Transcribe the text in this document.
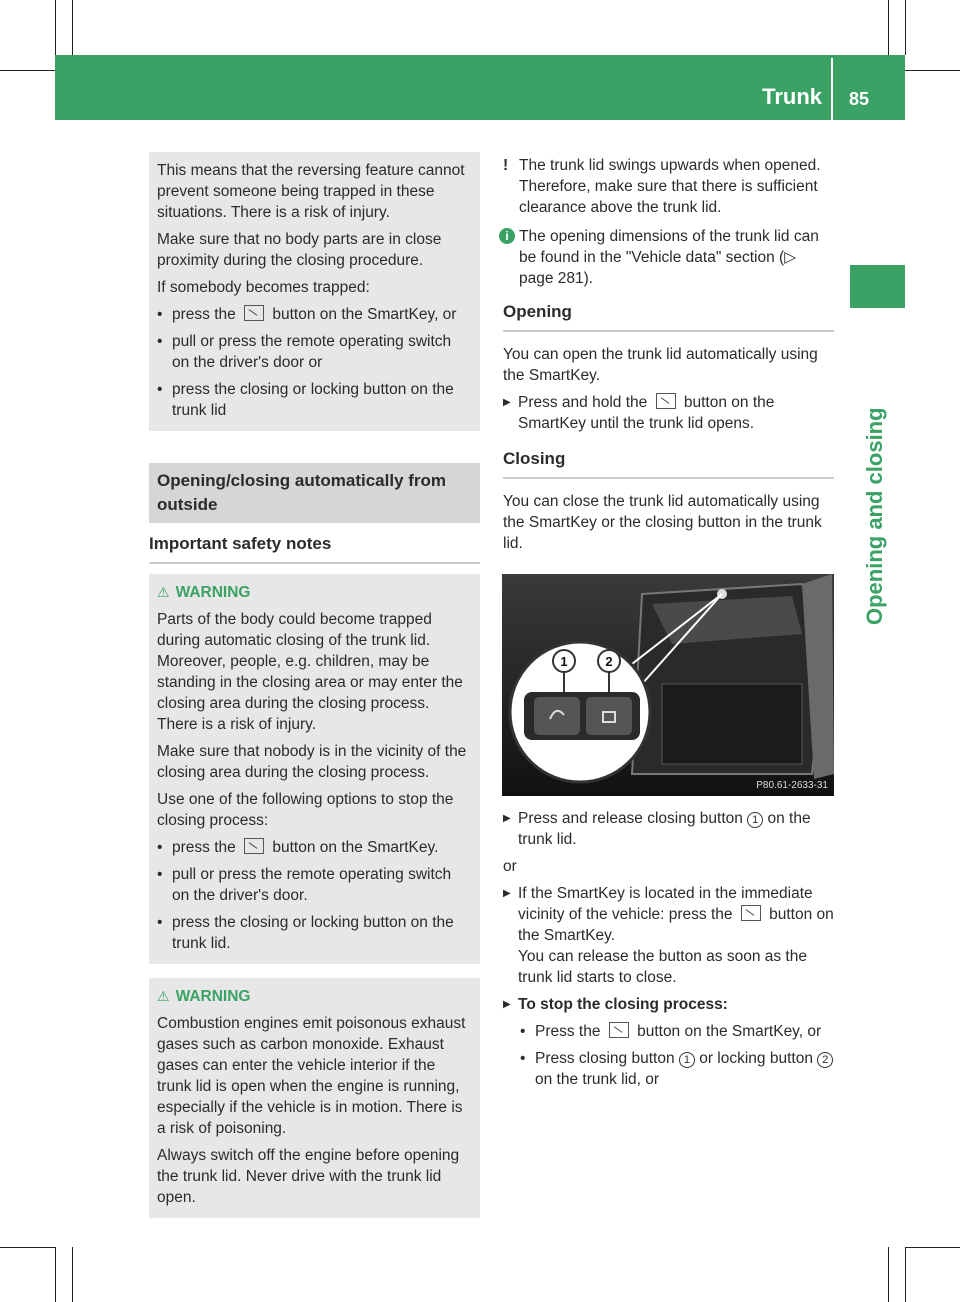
Trunk 85
Opening and closing

This means that the reversing feature cannot prevent someone being trapped in these situations. There is a risk of injury.

Make sure that no body parts are in close proximity during the closing procedure.

If somebody becomes trapped:

• press the  button on the SmartKey, or
• pull or press the remote operating switch on the driver's door or
• press the closing or locking button on the trunk lid
Opening/closing automatically from outside
Important safety notes
⚠ WARNING

Parts of the body could become trapped during automatic closing of the trunk lid. Moreover, people, e.g. children, may be standing in the closing area or may enter the closing area during the closing process. There is a risk of injury.

Make sure that nobody is in the vicinity of the closing area during the closing process.

Use one of the following options to stop the closing process:

• press the  button on the SmartKey.
• pull or press the remote operating switch on the driver's door.
• press the closing or locking button on the trunk lid.
⚠ WARNING

Combustion engines emit poisonous exhaust gases such as carbon monoxide. Exhaust gases can enter the vehicle interior if the trunk lid is open when the engine is running, especially if the vehicle is in motion. There is a risk of poisoning.

Always switch off the engine before opening the trunk lid. Never drive with the trunk lid open.

! The trunk lid swings upwards when opened. Therefore, make sure that there is sufficient clearance above the trunk lid.
i The opening dimensions of the trunk lid can be found in the "Vehicle data" section (▷ page 281).
Opening

You can open the trunk lid automatically using the SmartKey.

▶ Press and hold the  button on the SmartKey until the trunk lid opens.
Closing

You can close the trunk lid automatically using the SmartKey or the closing button in the trunk lid.

1	2
P80.61-2633-31
▶ Press and release closing button 1 on the trunk lid.

or

▶ If the SmartKey is located in the immediate vicinity of the vehicle: press the  button on the SmartKey.
You can release the button as soon as the trunk lid starts to close.
▶ To stop the closing process:
• Press the  button on the SmartKey, or
• Press closing button 1 or locking button 2 on the trunk lid, or
